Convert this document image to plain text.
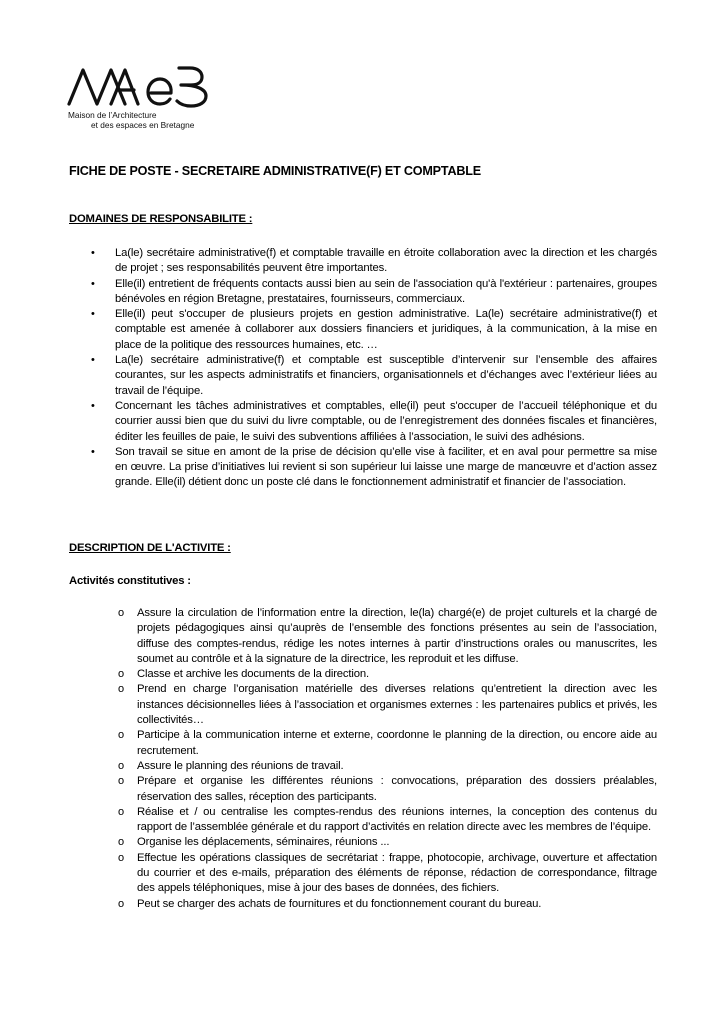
Maison de l’Architecture
et des espaces en Bretagne
FICHE DE POSTE - SECRETAIRE ADMINISTRATIVE(F) ET COMPTABLE
DOMAINES DE RESPONSABILITE :
• La(le) secrétaire administrative(f) et comptable travaille en étroite collaboration avec la direction et les chargés
de projet ; ses responsabilités peuvent être importantes.
• Elle(il) entretient de fréquents contacts aussi bien au sein de l'association qu'à l'extérieur : partenaires, groupes
bénévoles en région Bretagne, prestataires, fournisseurs, commerciaux.
• Elle(il) peut s'occuper de plusieurs projets en gestion administrative. La(le) secrétaire administrative(f) et
comptable est amenée à collaborer aux dossiers financiers et juridiques, à la communication, à la mise en
place de la politique des ressources humaines, etc. …
• La(le) secrétaire administrative(f) et comptable est susceptible d’intervenir sur l’ensemble des affaires
courantes, sur les aspects administratifs et financiers, organisationnels et d’échanges avec l’extérieur liées au
travail de l’équipe.
• Concernant les tâches administratives et comptables, elle(il) peut s'occuper de l’accueil téléphonique et du
courrier aussi bien que du suivi du livre comptable, ou de l’enregistrement des données fiscales et financières,
éditer les feuilles de paie, le suivi des subventions affiliées à l’association, le suivi des adhésions.
• Son travail se situe en amont de la prise de décision qu’elle vise à faciliter, et en aval pour permettre sa mise
en œuvre. La prise d’initiatives lui revient si son supérieur lui laisse une marge de manœuvre et d’action assez
grande. Elle(il) détient donc un poste clé dans le fonctionnement administratif et financier de l’association.
DESCRIPTION DE L'ACTIVITE :
Activités constitutives :
o Assure la circulation de l’information entre la direction, le(la) chargé(e) de projet culturels et la chargé de
projets pédagogiques ainsi qu’auprès de l’ensemble des fonctions présentes au sein de l’association,
diffuse des comptes-rendus, rédige les notes internes à partir d’instructions orales ou manuscrites, les
soumet au contrôle et à la signature de la directrice, les reproduit et les diffuse.
o Classe et archive les documents de la direction.
o Prend en charge l’organisation matérielle des diverses relations qu’entretient la direction avec les
instances décisionnelles liées à l’association et organismes externes : les partenaires publics et privés, les
collectivités…
o Participe à la communication interne et externe, coordonne le planning de la direction, ou encore aide au
recrutement.
o Assure le planning des réunions de travail.
o Prépare et organise les différentes réunions : convocations, préparation des dossiers préalables,
réservation des salles, réception des participants.
o Réalise et / ou centralise les comptes-rendus des réunions internes, la conception des contenus du
rapport de l’assemblée générale et du rapport d’activités en relation directe avec les membres de l’équipe.
o Organise les déplacements, séminaires, réunions ...
o Effectue les opérations classiques de secrétariat : frappe, photocopie, archivage, ouverture et affectation
du courrier et des e-mails, préparation des éléments de réponse, rédaction de correspondance, filtrage
des appels téléphoniques, mise à jour des bases de données, des fichiers.
o Peut se charger des achats de fournitures et du fonctionnement courant du bureau.
